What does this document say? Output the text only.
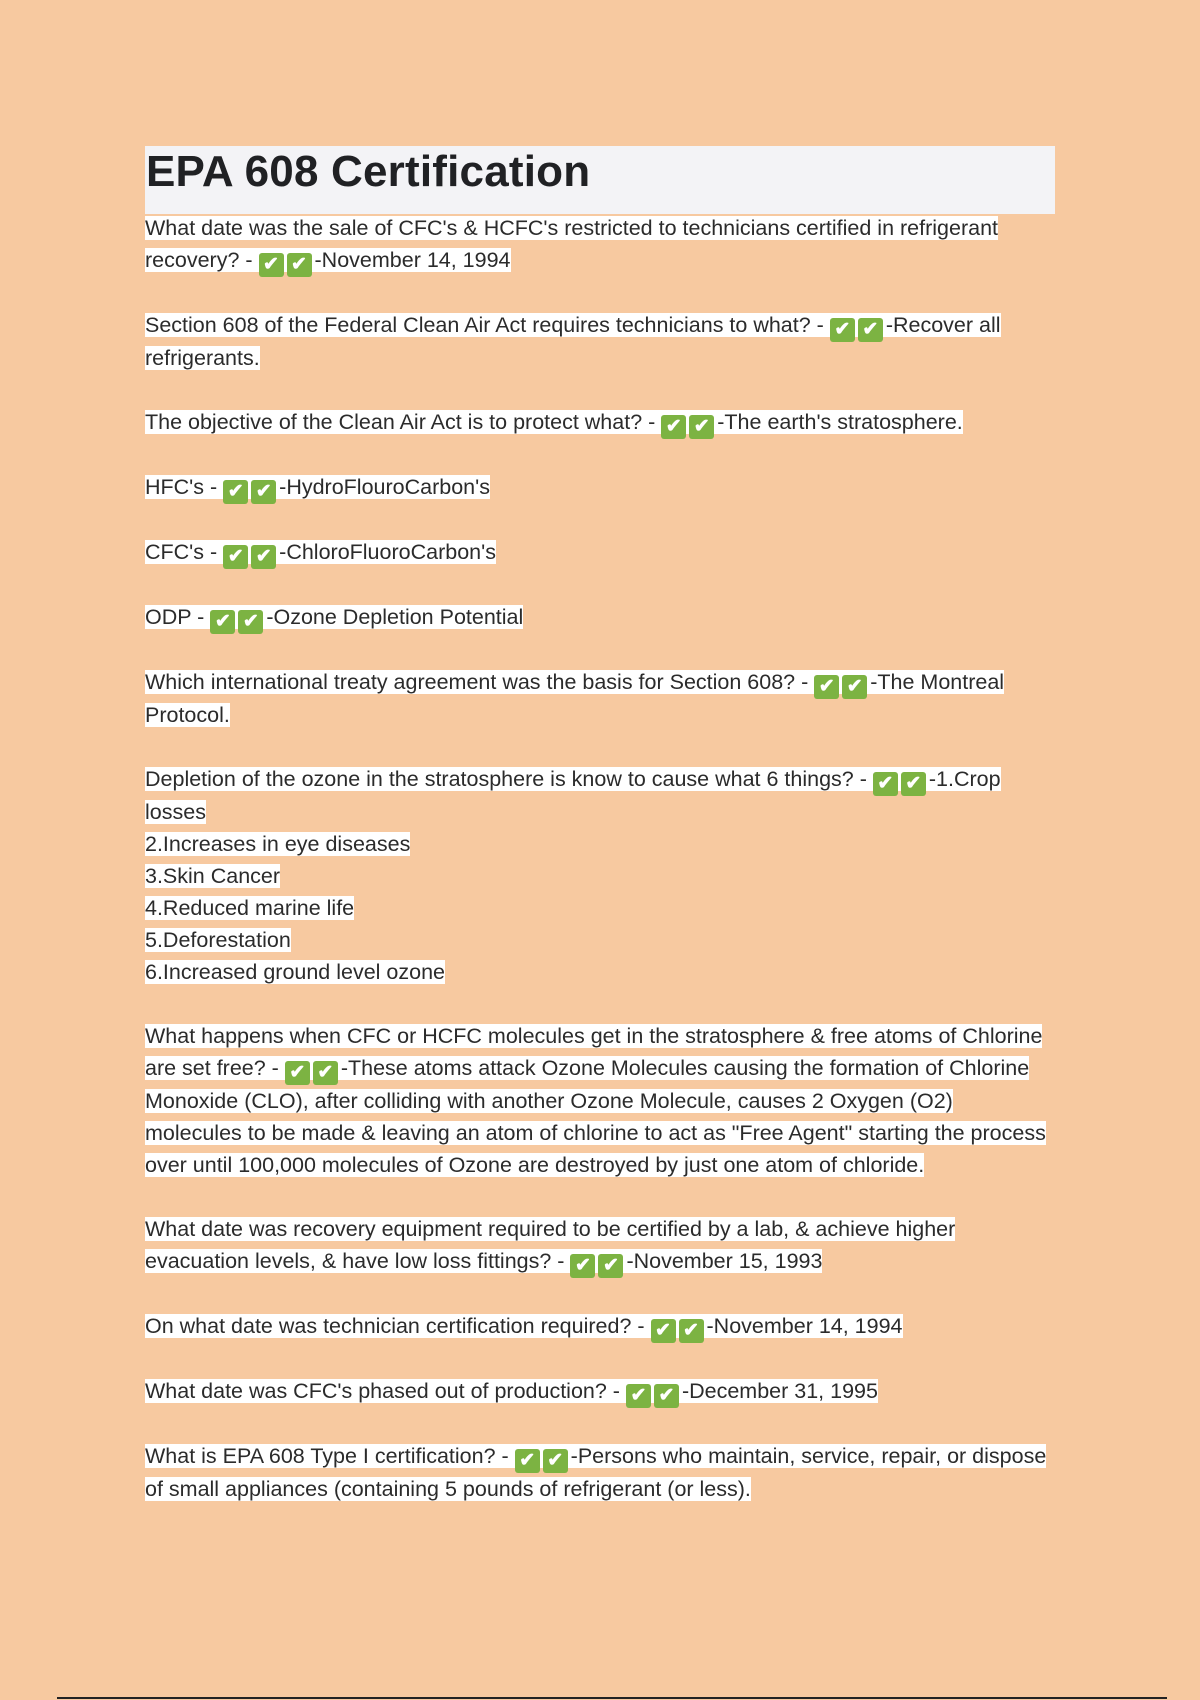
EPA 608 Certification
What date was the sale of CFC's & HCFC's restricted to technicians certified in refrigerant recovery? - ✔ ✔ -November 14, 1994
Section 608 of the Federal Clean Air Act requires technicians to what? - ✔ ✔ -Recover all refrigerants.
The objective of the Clean Air Act is to protect what? - ✔ ✔ -The earth's stratosphere.
HFC's - ✔ ✔ -HydroFlouroCarbon's
CFC's - ✔ ✔ -ChloroFluoroCarbon's
ODP - ✔ ✔ -Ozone Depletion Potential
Which international treaty agreement was the basis for Section 608? - ✔ ✔ -The Montreal Protocol.
Depletion of the ozone in the stratosphere is know to cause what 6 things? - ✔ ✔ -1.Crop losses
2.Increases in eye diseases
3.Skin Cancer
4.Reduced marine life
5.Deforestation
6.Increased ground level ozone
What happens when CFC or HCFC molecules get in the stratosphere & free atoms of Chlorine are set free? - ✔ ✔ -These atoms attack Ozone Molecules causing the formation of Chlorine Monoxide (CLO), after colliding with another Ozone Molecule, causes 2 Oxygen (O2) molecules to be made & leaving an atom of chlorine to act as "Free Agent" starting the process over until 100,000 molecules of Ozone are destroyed by just one atom of chloride.
What date was recovery equipment required to be certified by a lab, & achieve higher evacuation levels, & have low loss fittings? - ✔ ✔ -November 15, 1993
On what date was technician certification required? - ✔ ✔ -November 14, 1994
What date was CFC's phased out of production? - ✔ ✔ -December 31, 1995
What is EPA 608 Type I certification? - ✔ ✔ -Persons who maintain, service, repair, or dispose of small appliances (containing 5 pounds of refrigerant (or less).
